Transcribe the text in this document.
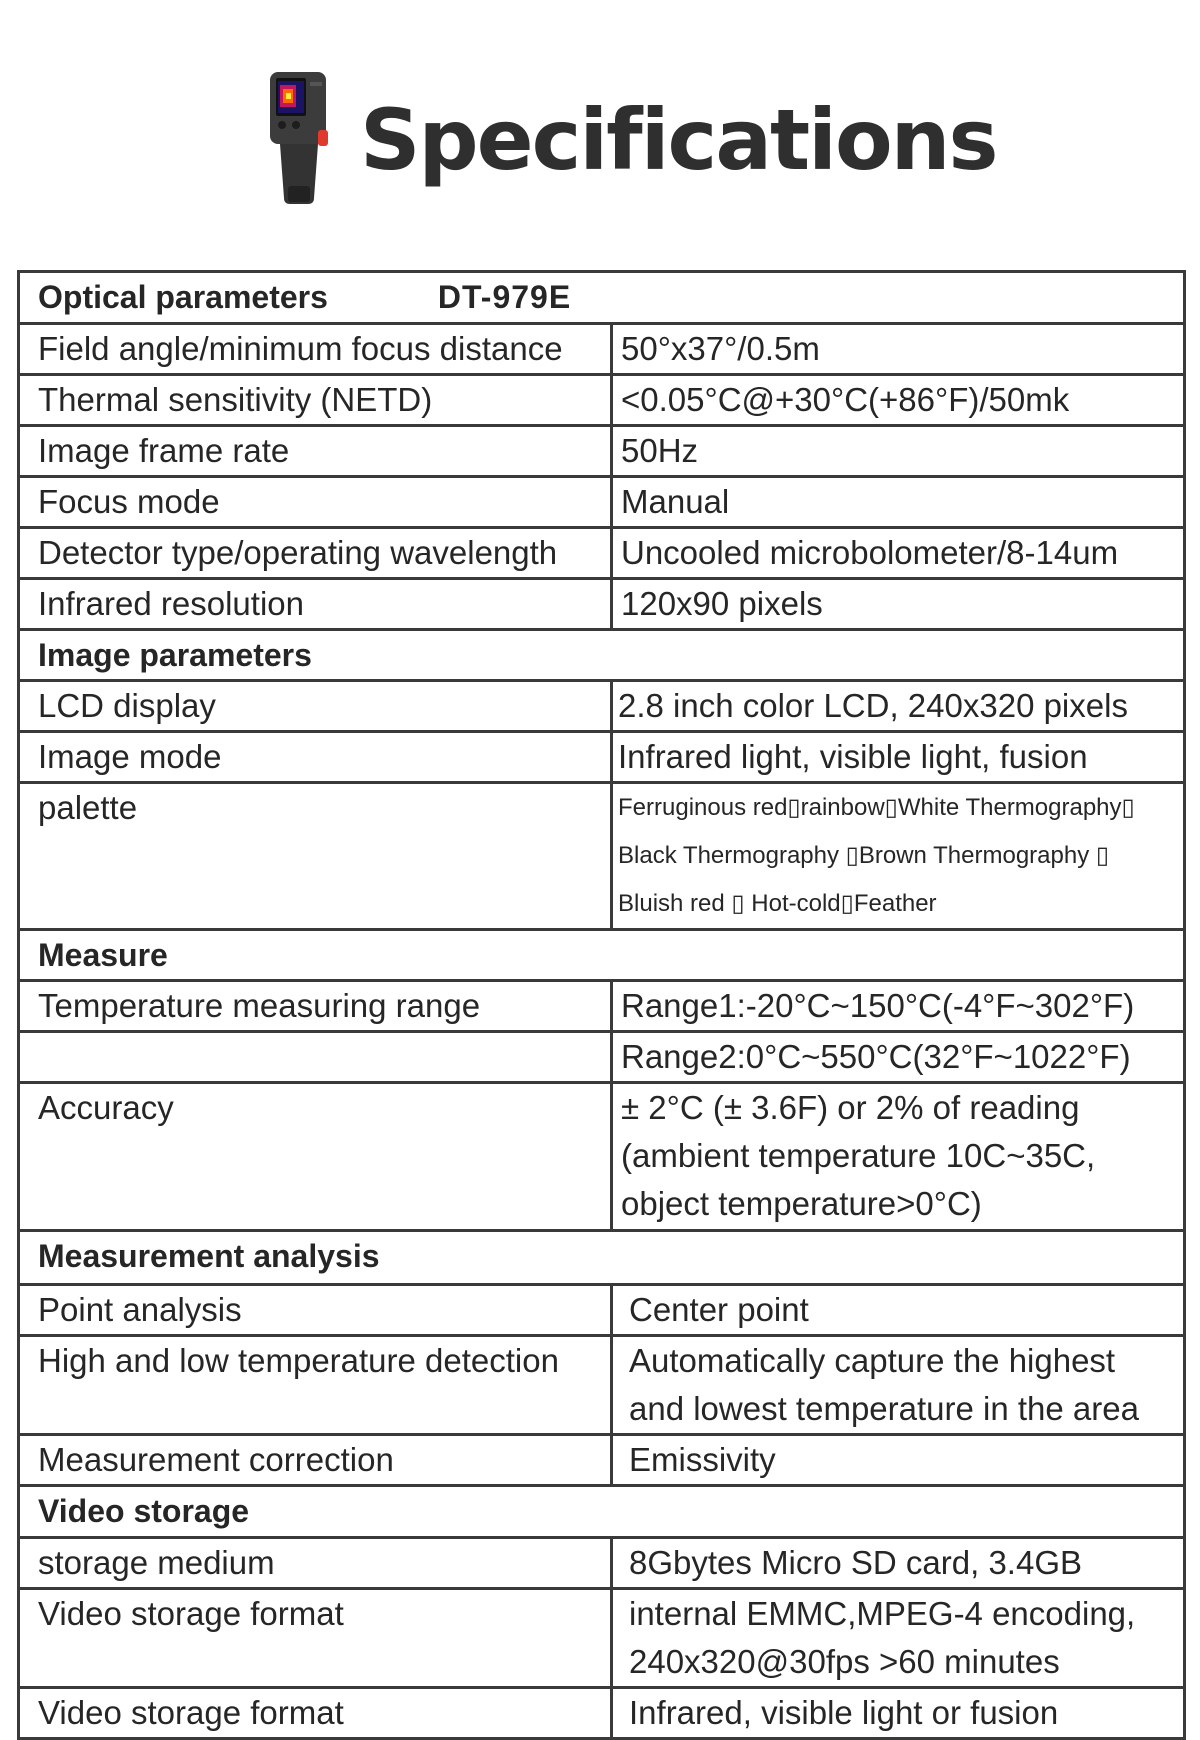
Specifications
Optical parameters DT-979E	
Field angle/minimum focus distance	50°x37°/0.5m
Thermal sensitivity (NETD)	<0.05°C@+30°C(+86°F)/50mk
Image frame rate	50Hz
Focus mode	Manual
Detector type/operating wavelength	Uncooled microbolometer/8-14um
Infrared resolution	120x90 pixels
Image parameters	
LCD display	2.8 inch color LCD, 240x320 pixels
Image mode	Infrared light, visible light, fusion
palette	Ferruginous red▯rainbow▯White Thermography▯
Black Thermography ▯Brown Thermography ▯
Bluish red ▯ Hot-cold▯Feather

Measure	
Temperature measuring range	Range1:-20°C~150°C(-4°F~302°F)
	Range2:0°C~550°C(32°F~1022°F)
Accuracy	± 2°C (± 3.6F) or 2% of reading
(ambient temperature 10C~35C,
object temperature>0°C)

Measurement analysis	
Point analysis	Center point
High and low temperature detection	Automatically capture the highest
and lowest temperature in the area

Measurement correction	Emissivity
Video storage	
storage medium	8Gbytes Micro SD card, 3.4GB
Video storage format	internal EMMC,MPEG-4 encoding,
240x320@30fps >60 minutes

Video storage format	Infrared, visible light or fusion
